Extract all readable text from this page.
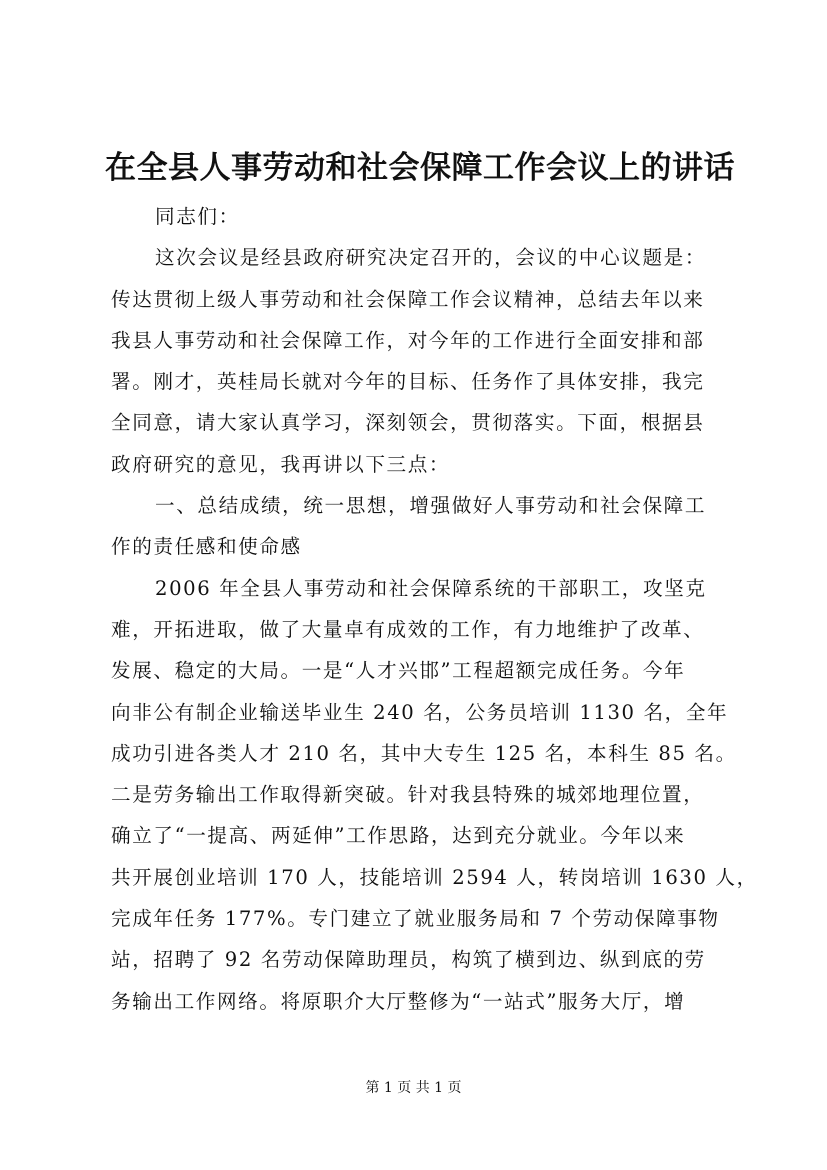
在全县人事劳动和社会保障工作会议上的讲话
同志们：
这次会议是经县政府研究决定召开的，会议的中心议题是：
传达贯彻上级人事劳动和社会保障工作会议精神，总结去年以来
我县人事劳动和社会保障工作，对今年的工作进行全面安排和部
署。刚才，英桂局长就对今年的目标、任务作了具体安排，我完
全同意，请大家认真学习，深刻领会，贯彻落实。下面，根据县
政府研究的意见，我再讲以下三点：
一、总结成绩，统一思想，增强做好人事劳动和社会保障工
作的责任感和使命感
2006 年全县人事劳动和社会保障系统的干部职工，攻坚克
难，开拓进取，做了大量卓有成效的工作，有力地维护了改革、
发展、稳定的大局。一是“人才兴邯”工程超额完成任务。今年
向非公有制企业输送毕业生 240 名，公务员培训 1130 名，全年
成功引进各类人才 210 名，其中大专生 125 名，本科生 85 名。
二是劳务输出工作取得新突破。针对我县特殊的城郊地理位置，
确立了“一提高、两延伸”工作思路，达到充分就业。今年以来
共开展创业培训 170 人，技能培训 2594 人，转岗培训 1630 人，
完成年任务 177%。专门建立了就业服务局和 7 个劳动保障事物
站，招聘了 92 名劳动保障助理员，构筑了横到边、纵到底的劳
务输出工作网络。将原职介大厅整修为“一站式”服务大厅，增
第 1 页 共 1 页
